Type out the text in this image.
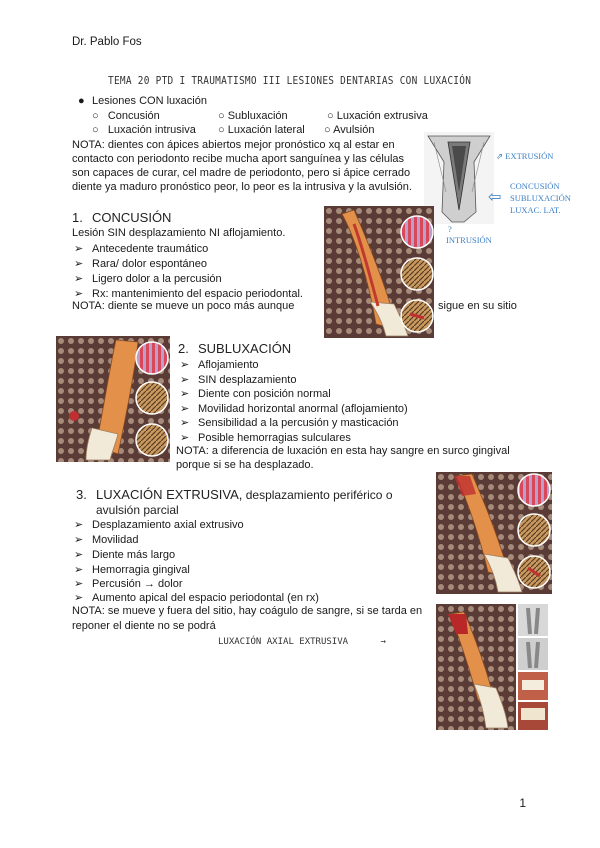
Dr. Pablo Fos
TEMA 20 PTD I TRAUMATISMO III LESIONES DENTARIAS CON LUXACIÓN
● Lesiones CON luxación
○   Concusión	○ Subluxación	○ Luxación extrusiva
○   Luxación intrusiva ○ Luxación lateral ○ Avulsión
NOTA: dientes con ápices abiertos mejor pronóstico xq al estar en
contacto con periodonto recibe mucha aport sanguínea y las células
son capaces de curar, cel madre de periodonto, pero si ápice cerrado
diente ya maduro pronóstico peor, lo peor es la intrusiva y la avulsión.
⇗ EXTRUSIÓN
⇦
CONCUSIÓN
SUBLUXACIÓN
LUXAC. LAT.
?
INTRUSIÓN
1. CONCUSIÓN
Lesión SIN desplazamiento NI aflojamiento.
➢ Antecedente traumático
➢ Rara/ dolor espontáneo
➢ Ligero dolor a la percusión
➢ Rx: mantenimiento del espacio periodontal.
NOTA: diente se mueve un poco más aunque	sigue en su sitio
2. SUBLUXACIÓN
➢ Aflojamiento
➢ SIN desplazamiento
➢ Diente con posición normal
➢ Movilidad horizontal anormal (aflojamiento)
➢ Sensibilidad a la percusión y masticación
➢ Posible hemorragias sulculares
NOTA: a diferencia de luxación en esta hay sangre en surco gingival
porque si se ha desplazado.
3. LUXACIÓN EXTRUSIVA, desplazamiento periférico o
avulsión parcial
➢ Desplazamiento axial extrusivo
➢ Movilidad
➢ Diente más largo
➢ Hemorragia gingival
➢ Percusión → dolor
➢ Aumento apical del espacio periodontal (en rx)
NOTA: se mueve y fuera del sitio, hay coágulo de sangre, si se tarda en
reponer el diente no se podrá
LUXACIÓN AXIAL EXTRUSIVA	→
1
